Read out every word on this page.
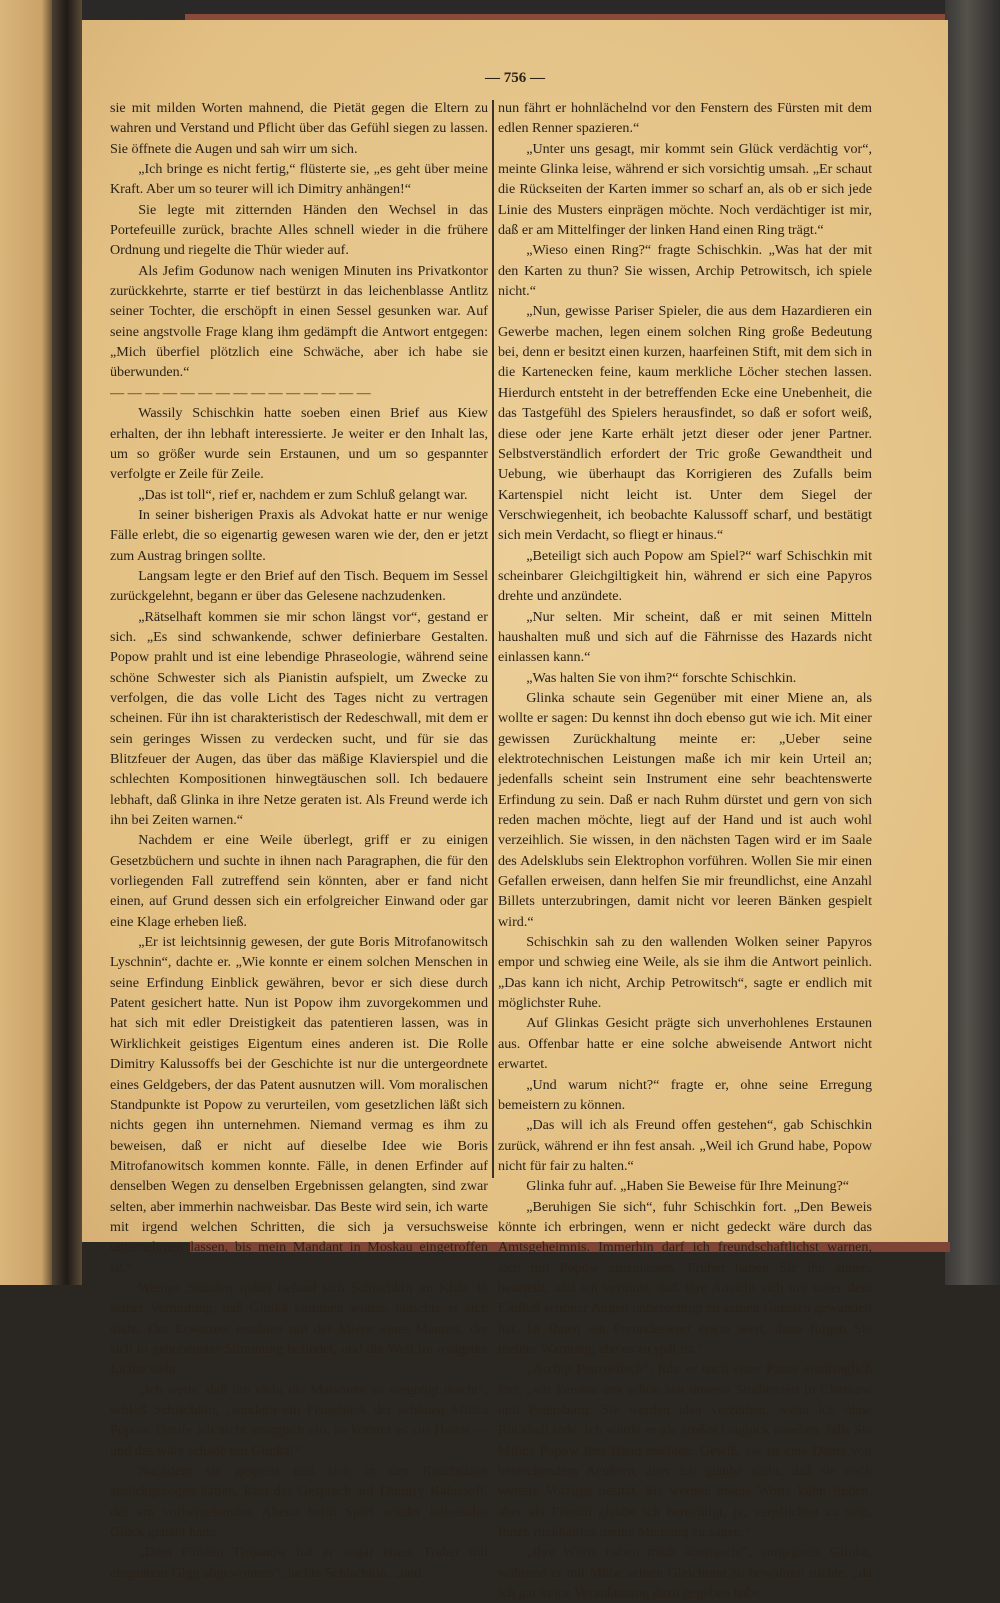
— 756 —

sie mit milden Worten mahnend, die Pietät gegen die Eltern zu wahren und Verstand und Pflicht über das Gefühl siegen zu lassen. Sie öffnete die Augen und sah wirr um sich.

„Ich bringe es nicht fertig,“ flüsterte sie, „es geht über meine Kraft. Aber um so teurer will ich Dimitry anhängen!“

Sie legte mit zitternden Händen den Wechsel in das Portefeuille zurück, brachte Alles schnell wieder in die frühere Ordnung und riegelte die Thür wieder auf.

Als Jefim Godunow nach wenigen Minuten ins Privatkontor zurückkehrte, starrte er tief bestürzt in das leichenblasse Antlitz seiner Tochter, die erschöpft in einen Sessel gesunken war. Auf seine angstvolle Frage klang ihm gedämpft die Antwort entgegen: „Mich überfiel plötzlich eine Schwäche, aber ich habe sie überwunden.“

— — — — — — — — — — — — — — —

Wassily Schischkin hatte soeben einen Brief aus Kiew erhalten, der ihn lebhaft interessierte. Je weiter er den Inhalt las, um so größer wurde sein Erstaunen, und um so gespannter verfolgte er Zeile für Zeile.

„Das ist toll“, rief er, nachdem er zum Schluß gelangt war.

In seiner bisherigen Praxis als Advokat hatte er nur wenige Fälle erlebt, die so eigenartig gewesen waren wie der, den er jetzt zum Austrag bringen sollte.

Langsam legte er den Brief auf den Tisch. Bequem im Sessel zurückgelehnt, begann er über das Gelesene nachzudenken.

„Rätselhaft kommen sie mir schon längst vor“, gestand er sich. „Es sind schwankende, schwer definierbare Gestalten. Popow prahlt und ist eine lebendige Phraseologie, während seine schöne Schwester sich als Pianistin aufspielt, um Zwecke zu verfolgen, die das volle Licht des Tages nicht zu vertragen scheinen. Für ihn ist charakteristisch der Redeschwall, mit dem er sein geringes Wissen zu verdecken sucht, und für sie das Blitzfeuer der Augen, das über das mäßige Klavierspiel und die schlechten Kompositionen hinwegtäuschen soll. Ich bedauere lebhaft, daß Glinka in ihre Netze geraten ist. Als Freund werde ich ihn bei Zeiten warnen.“

Nachdem er eine Weile überlegt, griff er zu einigen Gesetzbüchern und suchte in ihnen nach Paragraphen, die für den vorliegenden Fall zutreffend sein könnten, aber er fand nicht einen, auf Grund dessen sich ein erfolgreicher Einwand oder gar eine Klage erheben ließ.

„Er ist leichtsinnig gewesen, der gute Boris Mitrofanowitsch Lyschnin“, dachte er. „Wie konnte er einem solchen Menschen in seine Erfindung Einblick gewähren, bevor er sich diese durch Patent gesichert hatte. Nun ist Popow ihm zuvorgekommen und hat sich mit edler Dreistigkeit das patentieren lassen, was in Wirklichkeit geistiges Eigentum eines anderen ist. Die Rolle Dimitry Kalussoffs bei der Geschichte ist nur die untergeordnete eines Geldgebers, der das Patent ausnutzen will. Vom moralischen Standpunkte ist Popow zu verurteilen, vom gesetzlichen läßt sich nichts gegen ihn unternehmen. Niemand vermag es ihm zu beweisen, daß er nicht auf dieselbe Idee wie Boris Mitrofanowitsch kommen konnte. Fälle, in denen Erfinder auf denselben Wegen zu denselben Ergebnissen gelangten, sind zwar selten, aber immerhin nachweisbar. Das Beste wird sein, ich warte mit irgend welchen Schritten, die sich ja versuchsweise unternehmen lassen, bis mein Mandant in Moskau eingetroffen ist.“

Wenige Stunden später befand sich Schischkin im Klub. In seiner Vermutung, daß Glinka kommen würde, täuschte er sich nicht. Der Erwartete erschien mit der Miene eines Mannes, der sich in gehobenster Stimmung befindet, und die Welt im rosigsten Lichte sieht.

„Ich wette, daß ihn nicht die Maisonne so vergnügt macht“, schloß Schischkin, „sondern ein Feuerblick der schönen Milica Popow. Greife ich nicht energisch ein, so kommt es zur Heirat — und das wäre schade um Glinka!“

Nachdem sie gespeist und sich in den Rauchsalon zurückgezogen hatten, kam das Gespräch auf Dimitry Kalussoff, der am vorhergehenden Abend beim Spiel wieder kolossales Glück gehabt hatte.

„Dem Fürsten Trojanow hat er sogar einen Traber mit elegantem Gigg abgewonnen“, lachte Schischkin, „und

nun fährt er hohnlächelnd vor den Fenstern des Fürsten mit dem edlen Renner spazieren.“

„Unter uns gesagt, mir kommt sein Glück verdächtig vor“, meinte Glinka leise, während er sich vorsichtig umsah. „Er schaut die Rückseiten der Karten immer so scharf an, als ob er sich jede Linie des Musters einprägen möchte. Noch verdächtiger ist mir, daß er am Mittelfinger der linken Hand einen Ring trägt.“

„Wieso einen Ring?“ fragte Schischkin. „Was hat der mit den Karten zu thun? Sie wissen, Archip Petrowitsch, ich spiele nicht.“

„Nun, gewisse Pariser Spieler, die aus dem Hazardieren ein Gewerbe machen, legen einem solchen Ring große Bedeutung bei, denn er besitzt einen kurzen, haarfeinen Stift, mit dem sich in die Kartenecken feine, kaum merkliche Löcher stechen lassen. Hierdurch entsteht in der betreffenden Ecke eine Unebenheit, die das Tastgefühl des Spielers herausfindet, so daß er sofort weiß, diese oder jene Karte erhält jetzt dieser oder jener Partner. Selbstverständlich erfordert der Tric große Gewandtheit und Uebung, wie überhaupt das Korrigieren des Zufalls beim Kartenspiel nicht leicht ist. Unter dem Siegel der Verschwiegenheit, ich beobachte Kalussoff scharf, und bestätigt sich mein Verdacht, so fliegt er hinaus.“

„Beteiligt sich auch Popow am Spiel?“ warf Schischkin mit scheinbarer Gleichgiltigkeit hin, während er sich eine Papyros drehte und anzündete.

„Nur selten. Mir scheint, daß er mit seinen Mitteln haushalten muß und sich auf die Fährnisse des Hazards nicht einlassen kann.“

„Was halten Sie von ihm?“ forschte Schischkin.

Glinka schaute sein Gegenüber mit einer Miene an, als wollte er sagen: Du kennst ihn doch ebenso gut wie ich. Mit einer gewissen Zurückhaltung meinte er: „Ueber seine elektrotechnischen Leistungen maße ich mir kein Urteil an; jedenfalls scheint sein Instrument eine sehr beachtenswerte Erfindung zu sein. Daß er nach Ruhm dürstet und gern von sich reden machen möchte, liegt auf der Hand und ist auch wohl verzeihlich. Sie wissen, in den nächsten Tagen wird er im Saale des Adelsklubs sein Elektrophon vorführen. Wollen Sie mir einen Gefallen erweisen, dann helfen Sie mir freundlichst, eine Anzahl Billets unterzubringen, damit nicht vor leeren Bänken gespielt wird.“

Schischkin sah zu den wallenden Wolken seiner Papyros empor und schwieg eine Weile, als sie ihm die Antwort peinlich. „Das kann ich nicht, Archip Petrowitsch“, sagte er endlich mit möglichster Ruhe.

Auf Glinkas Gesicht prägte sich unverhohlenes Erstaunen aus. Offenbar hatte er eine solche abweisende Antwort nicht erwartet.

„Und warum nicht?“ fragte er, ohne seine Erregung bemeistern zu können.

„Das will ich als Freund offen gestehen“, gab Schischkin zurück, während er ihn fest ansah. „Weil ich Grund habe, Popow nicht für fair zu halten.“

Glinka fuhr auf. „Haben Sie Beweise für Ihre Meinung?“

„Beruhigen Sie sich“, fuhr Schischkin fort. „Den Beweis könnte ich erbringen, wenn er nicht gedeckt wäre durch das Amtsgeheimnis. Immerhin darf ich freundschaftlichst warnen, sich mit Popow einzulassen. Früher haben Sie ihn anders beurteilt, und ich vermute, daß Ihre Ansicht sich nur unter dem Einfluß schöner Augen unberechtigt zu seinen Gunsten gewandelt hat. Ist Ihnen ein Freundeswort etwas wert, dann folgen Sie meiner Warnung, ehe es zu spät ist.“

„Archip Petrowitsch“, fuhr er nach einer Pause eindringlich fort, „wir kennen uns schon seit unserer Studienzeit in Charkow und Petersburg. Sie werden also verzeihen, wenn ich ohne Rückhalt rede. Ich würde es als großes Unglück ansehen, falls Sie Milica Popow Ihre Hand reichten. Gewiß, sie ist eine Dame von bestechendem Aeußern, aber ich glaube nicht, daß sie noch weitere Vorzüge besitzt. Sie werden meine Worte kühn finden, aber als Freund glaube ich berechtigt, ja, verpflichtet zu sein, Ihnen rückhaltlos meine Meinung zu sagen.“

„Ihre Worte haben mich überrascht“, entgegnete Glinka, während er mit Mühe seinen Gleichmut zu bewahren suchte, „da ich gar keine Veranlassung dazu gegeben habe.
